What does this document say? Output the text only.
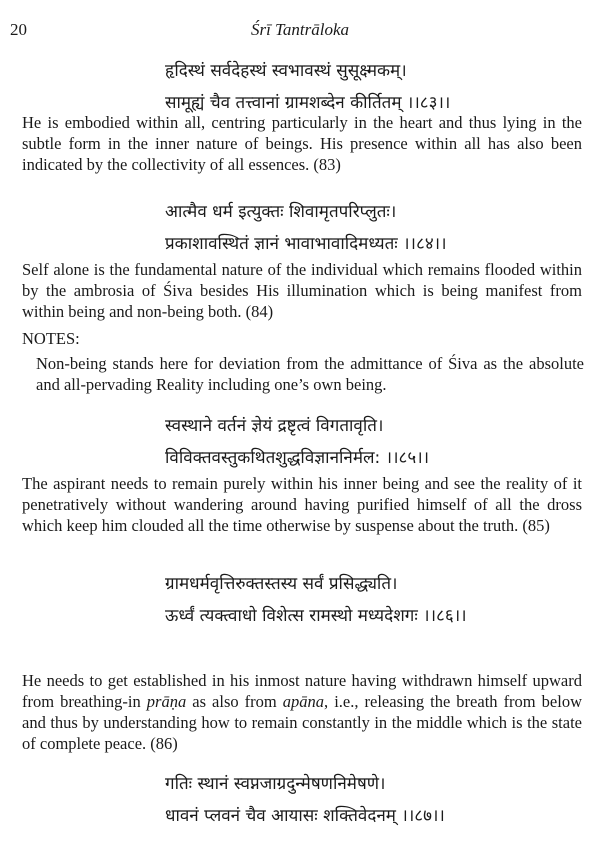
20	Śrī Tantrāloka
हृदिस्थं सर्वदेहस्थं स्वभावस्थं सुसूक्ष्मकम्।
सामूह्यं चैव तत्त्वानां ग्रामशब्देन कीर्तितम् ।।८३।।

He is embodied within all, centring particularly in the heart and thus lying in the subtle form in the inner nature of beings. His presence within all has also been indicated by the collectivity of all essences. (83)

आत्मैव धर्म इत्युक्तः शिवामृतपरिप्लुतः।
प्रकाशावस्थितं ज्ञानं भावाभावादिमध्यतः ।।८४।।

Self alone is the fundamental nature of the individual which remains flooded within by the ambrosia of Śiva besides His illumination which is being manifest from within being and non-being both. (84)

NOTES:

Non-being stands here for deviation from the admittance of Śiva as the absolute and all-pervading Reality including one’s own being.

स्वस्थाने वर्तनं ज्ञेयं द्रष्टृत्वं विगतावृति।
विविक्तवस्तुकथितशुद्धविज्ञाननिर्मल: ।।८५।।

The aspirant needs to remain purely within his inner being and see the reality of it penetratively without wandering around having purified himself of all the dross which keep him clouded all the time otherwise by suspense about the truth. (85)

ग्रामधर्मवृत्तिरुक्तस्तस्य सर्वं प्रसिद्ध्यति।
ऊर्ध्वं त्यक्त्वाधो विशेत्स रामस्थो मध्यदेशगः ।।८६।।

He needs to get established in his inmost nature having withdrawn himself upward from breathing-in prāṇa as also from apāna, i.e., releasing the breath from below and thus by understanding how to remain constantly in the middle which is the state of complete peace. (86)

गतिः स्थानं स्वप्नजाग्रदुन्मेषणनिमेषणे।
धावनं प्लवनं चैव आयासः शक्तिवेदनम् ।।८७।।
